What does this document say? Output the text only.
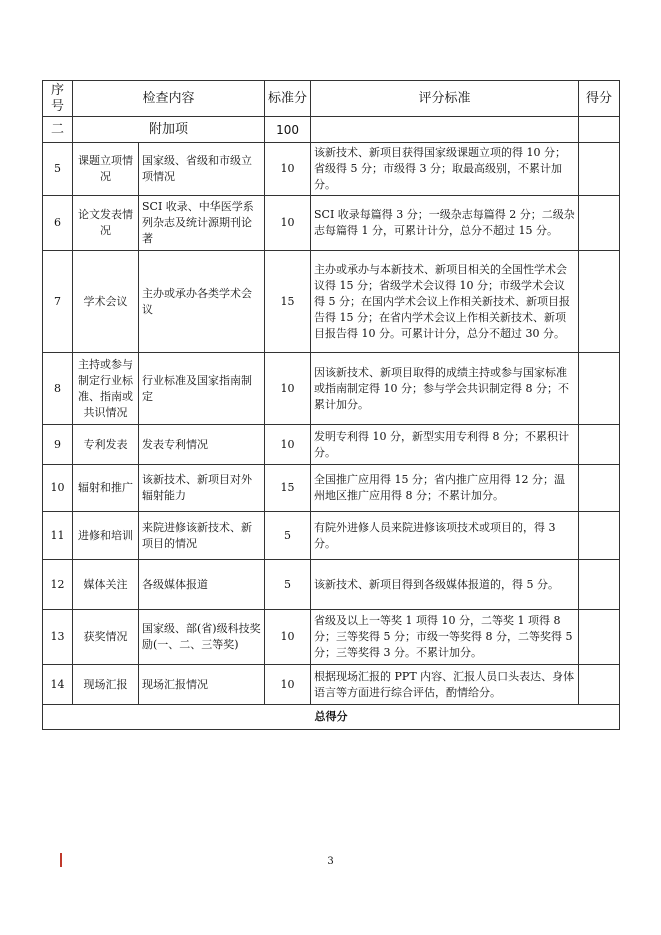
序号	检查内容		标准分	评分标准	得分
二	附加项		100		
5	课题立项情况	国家级、省级和市级立项情况	10	该新技术、新项目获得国家级课题立项的得 10 分；省级得 5 分；市级得 3 分；取最高级别，不累计加分。	
6	论文发表情况	SCI 收录、中华医学系列杂志及统计源期刊论著	10	SCI 收录每篇得 3 分；一级杂志每篇得 2 分；二级杂志每篇得 1 分，可累计计分，总分不超过 15 分。	
7	学术会议	主办或承办各类学术会议	15	主办或承办与本新技术、新项目相关的全国性学术会议得 15 分；省级学术会议得 10 分；市级学术会议得 5 分；在国内学术会议上作相关新技术、新项目报告得 15 分；在省内学术会议上作相关新技术、新项目报告得 10 分。可累计计分，总分不超过 30 分。	
8	主持或参与制定行业标准、指南或共识情况	行业标准及国家指南制定	10	因该新技术、新项目取得的成绩主持或参与国家标准或指南制定得 10 分；参与学会共识制定得 8 分；不累计加分。	
9	专利发表	发表专利情况	10	发明专利得 10 分，新型实用专利得 8 分；不累积计分。	
10	辐射和推广	该新技术、新项目对外辐射能力	15	全国推广应用得 15 分；省内推广应用得 12 分；温州地区推广应用得 8 分；不累计加分。	
11	进修和培训	来院进修该新技术、新项目的情况	5	有院外进修人员来院进修该项技术或项目的，得 3 分。	
12	媒体关注	各级媒体报道	5	该新技术、新项目得到各级媒体报道的，得 5 分。	
13	获奖情况	国家级、部(省)级科技奖励(一、二、三等奖)	10	省级及以上一等奖 1 项得 10 分，二等奖 1 项得 8 分；三等奖得 5 分；市级一等奖得 8 分，二等奖得 5 分；三等奖得 3 分。不累计加分。	
14	现场汇报	现场汇报情况	10	根据现场汇报的 PPT 内容、汇报人员口头表达、身体语言等方面进行综合评估，酌情给分。	
总得分					
3
